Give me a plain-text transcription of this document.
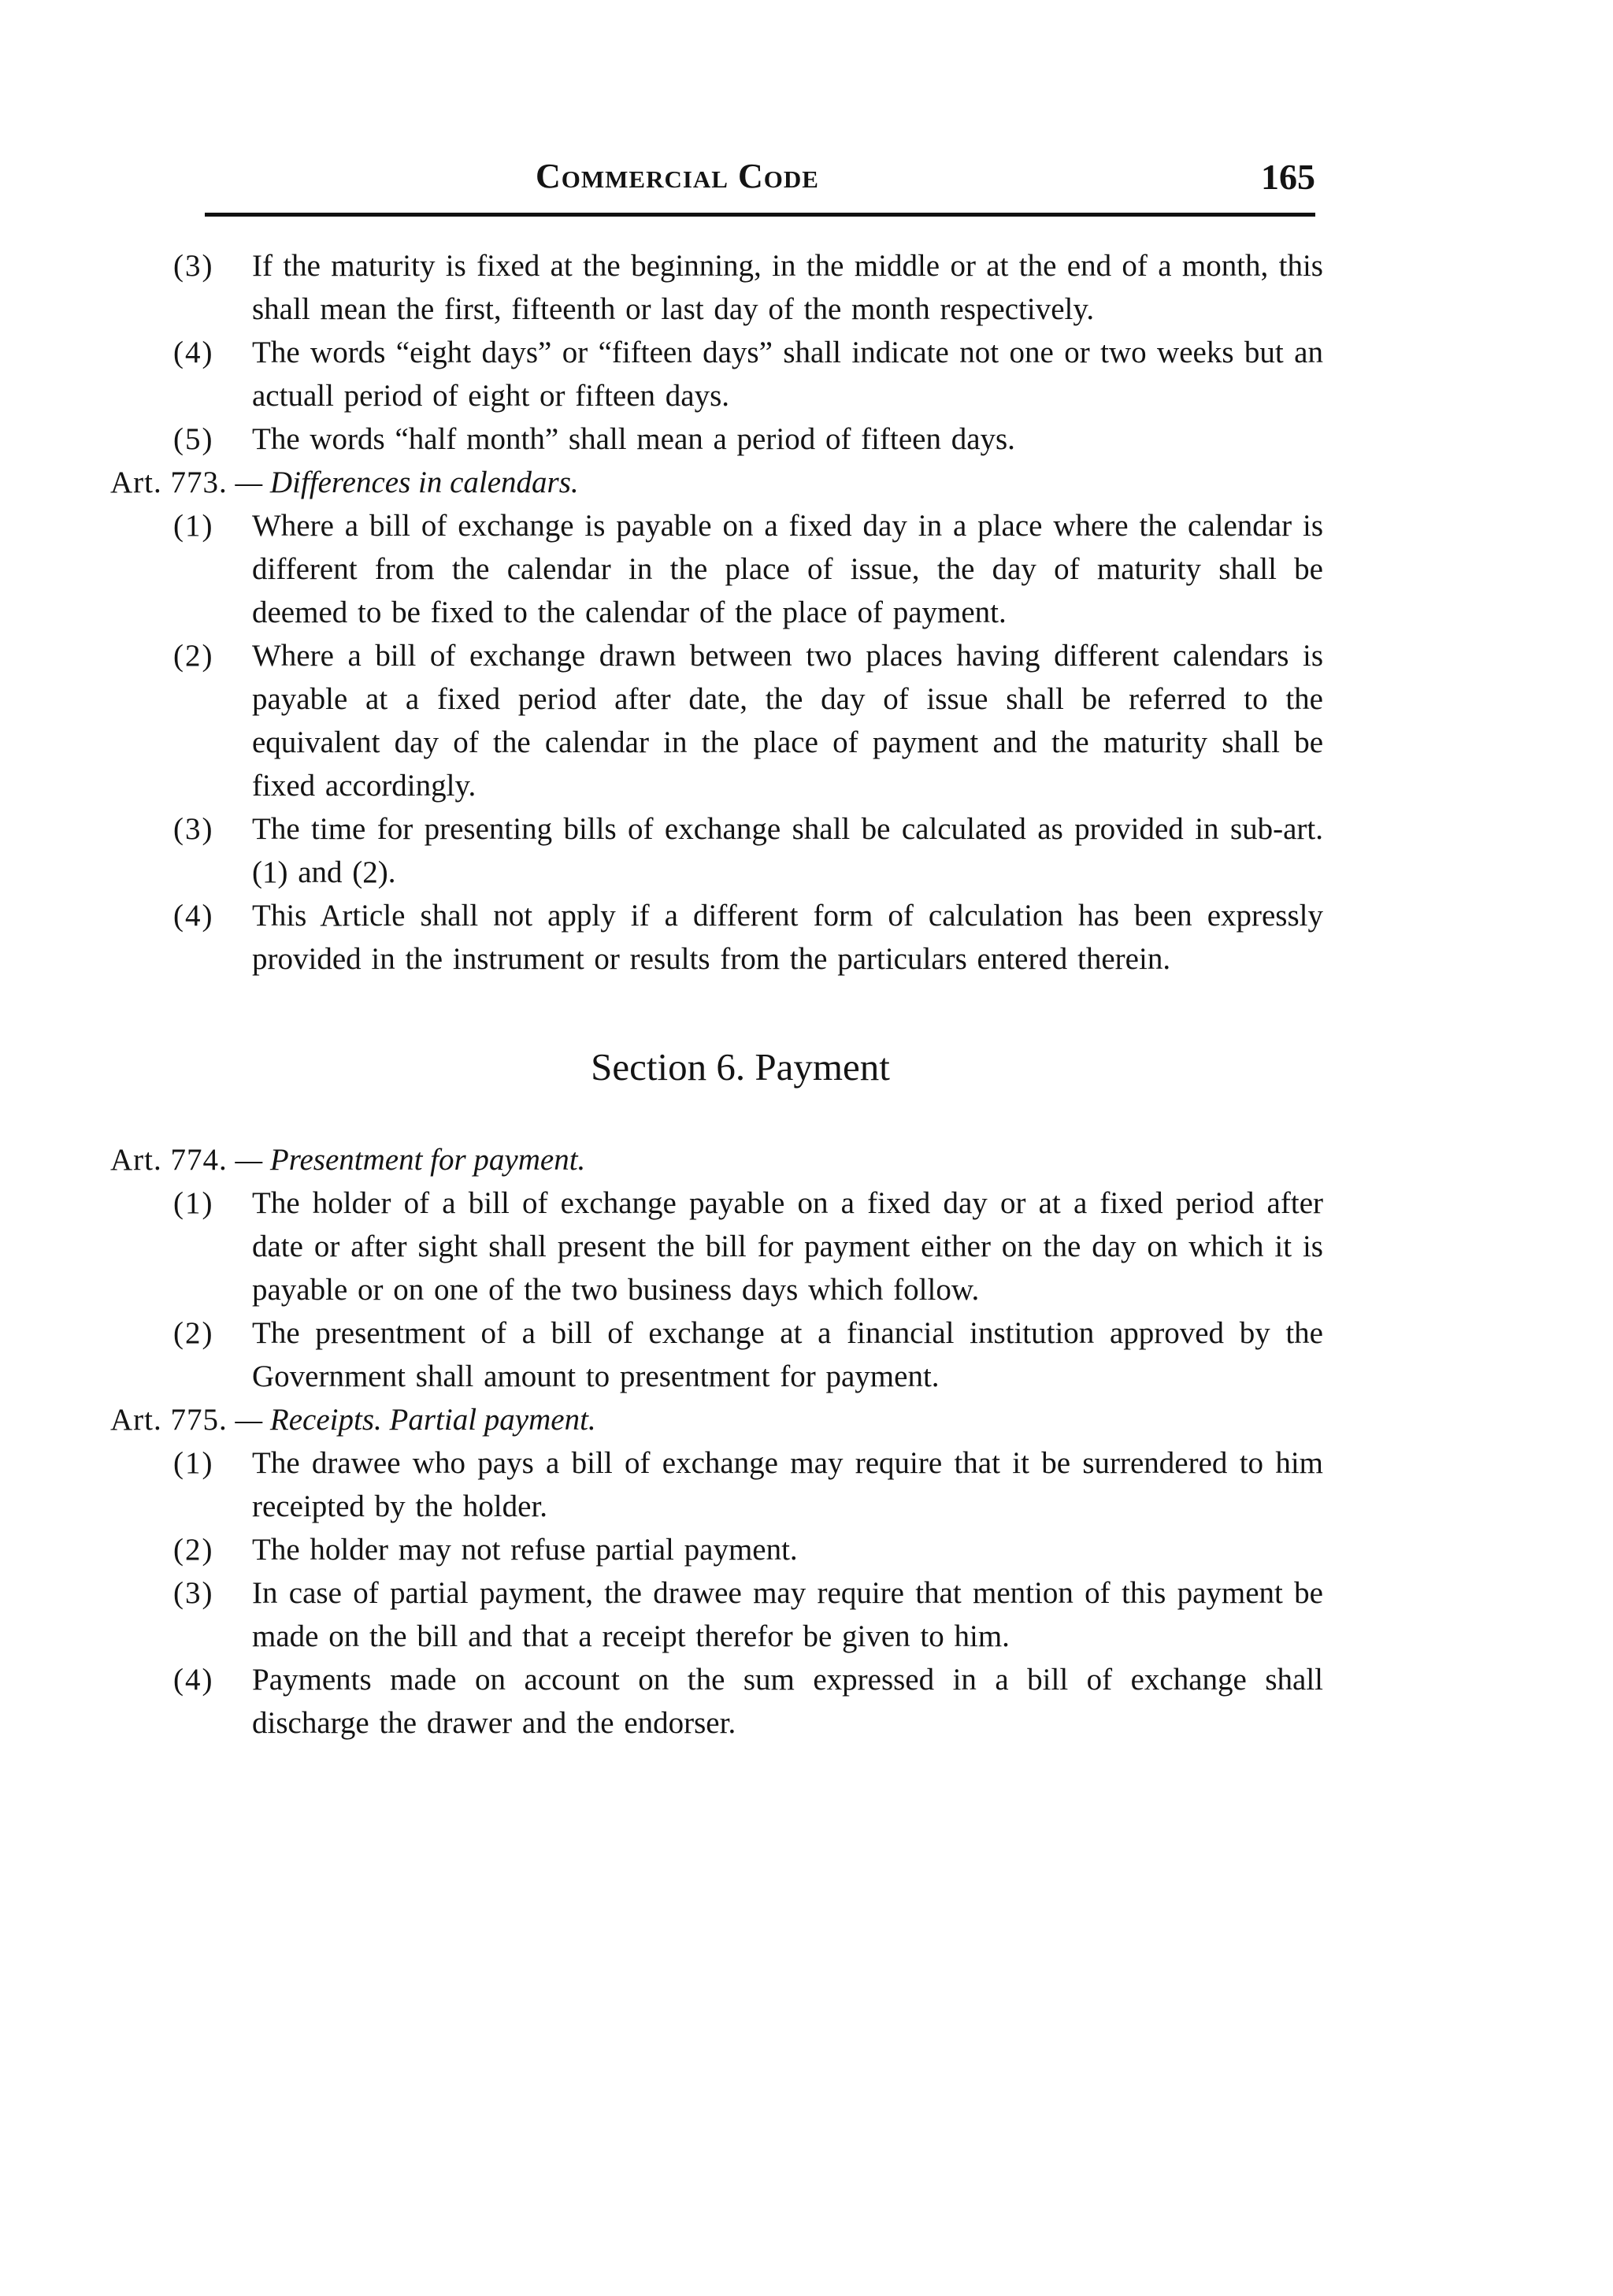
Commercial Code	165

(3)	If the maturity is fixed at the beginning, in the middle or at the end of a month, this shall mean the first, fifteenth or last day of the month respectively.

(4)	The words “eight days” or “fifteen days” shall indicate not one or two weeks but an actuall period of eight or fifteen days.

(5)	The words “half month” shall mean a period of fifteen days.

Art. 773. — Differences in calendars.

(1)	Where a bill of exchange is payable on a fixed day in a place where the calendar is different from the calendar in the place of issue, the day of maturity shall be deemed to be fixed to the calendar of the place of payment.

(2)	Where a bill of exchange drawn between two places having different calendars is payable at a fixed period after date, the day of issue shall be referred to the equivalent day of the calendar in the place of payment and the maturity shall be fixed accordingly.

(3)	The time for presenting bills of exchange shall be calculated as provided in sub-art. (1) and (2).

(4)	This Article shall not apply if a different form of calculation has been expressly provided in the instrument or results from the particulars entered therein.

Section 6. Payment

Art. 774. — Presentment for payment.

(1)	The holder of a bill of exchange payable on a fixed day or at a fixed period after date or after sight shall present the bill for payment either on the day on which it is payable or on one of the two business days which follow.

(2)	The presentment of a bill of exchange at a financial institution approved by the Government shall amount to presentment for payment.

Art. 775. — Receipts. Partial payment.

(1)	The drawee who pays a bill of exchange may require that it be surrendered to him receipted by the holder.

(2)	The holder may not refuse partial payment.

(3)	In case of partial payment, the drawee may require that mention of this payment be made on the bill and that a receipt therefor be given to him.

(4)	Payments made on account on the sum expressed in a bill of exchange shall discharge the drawer and the endorser.
